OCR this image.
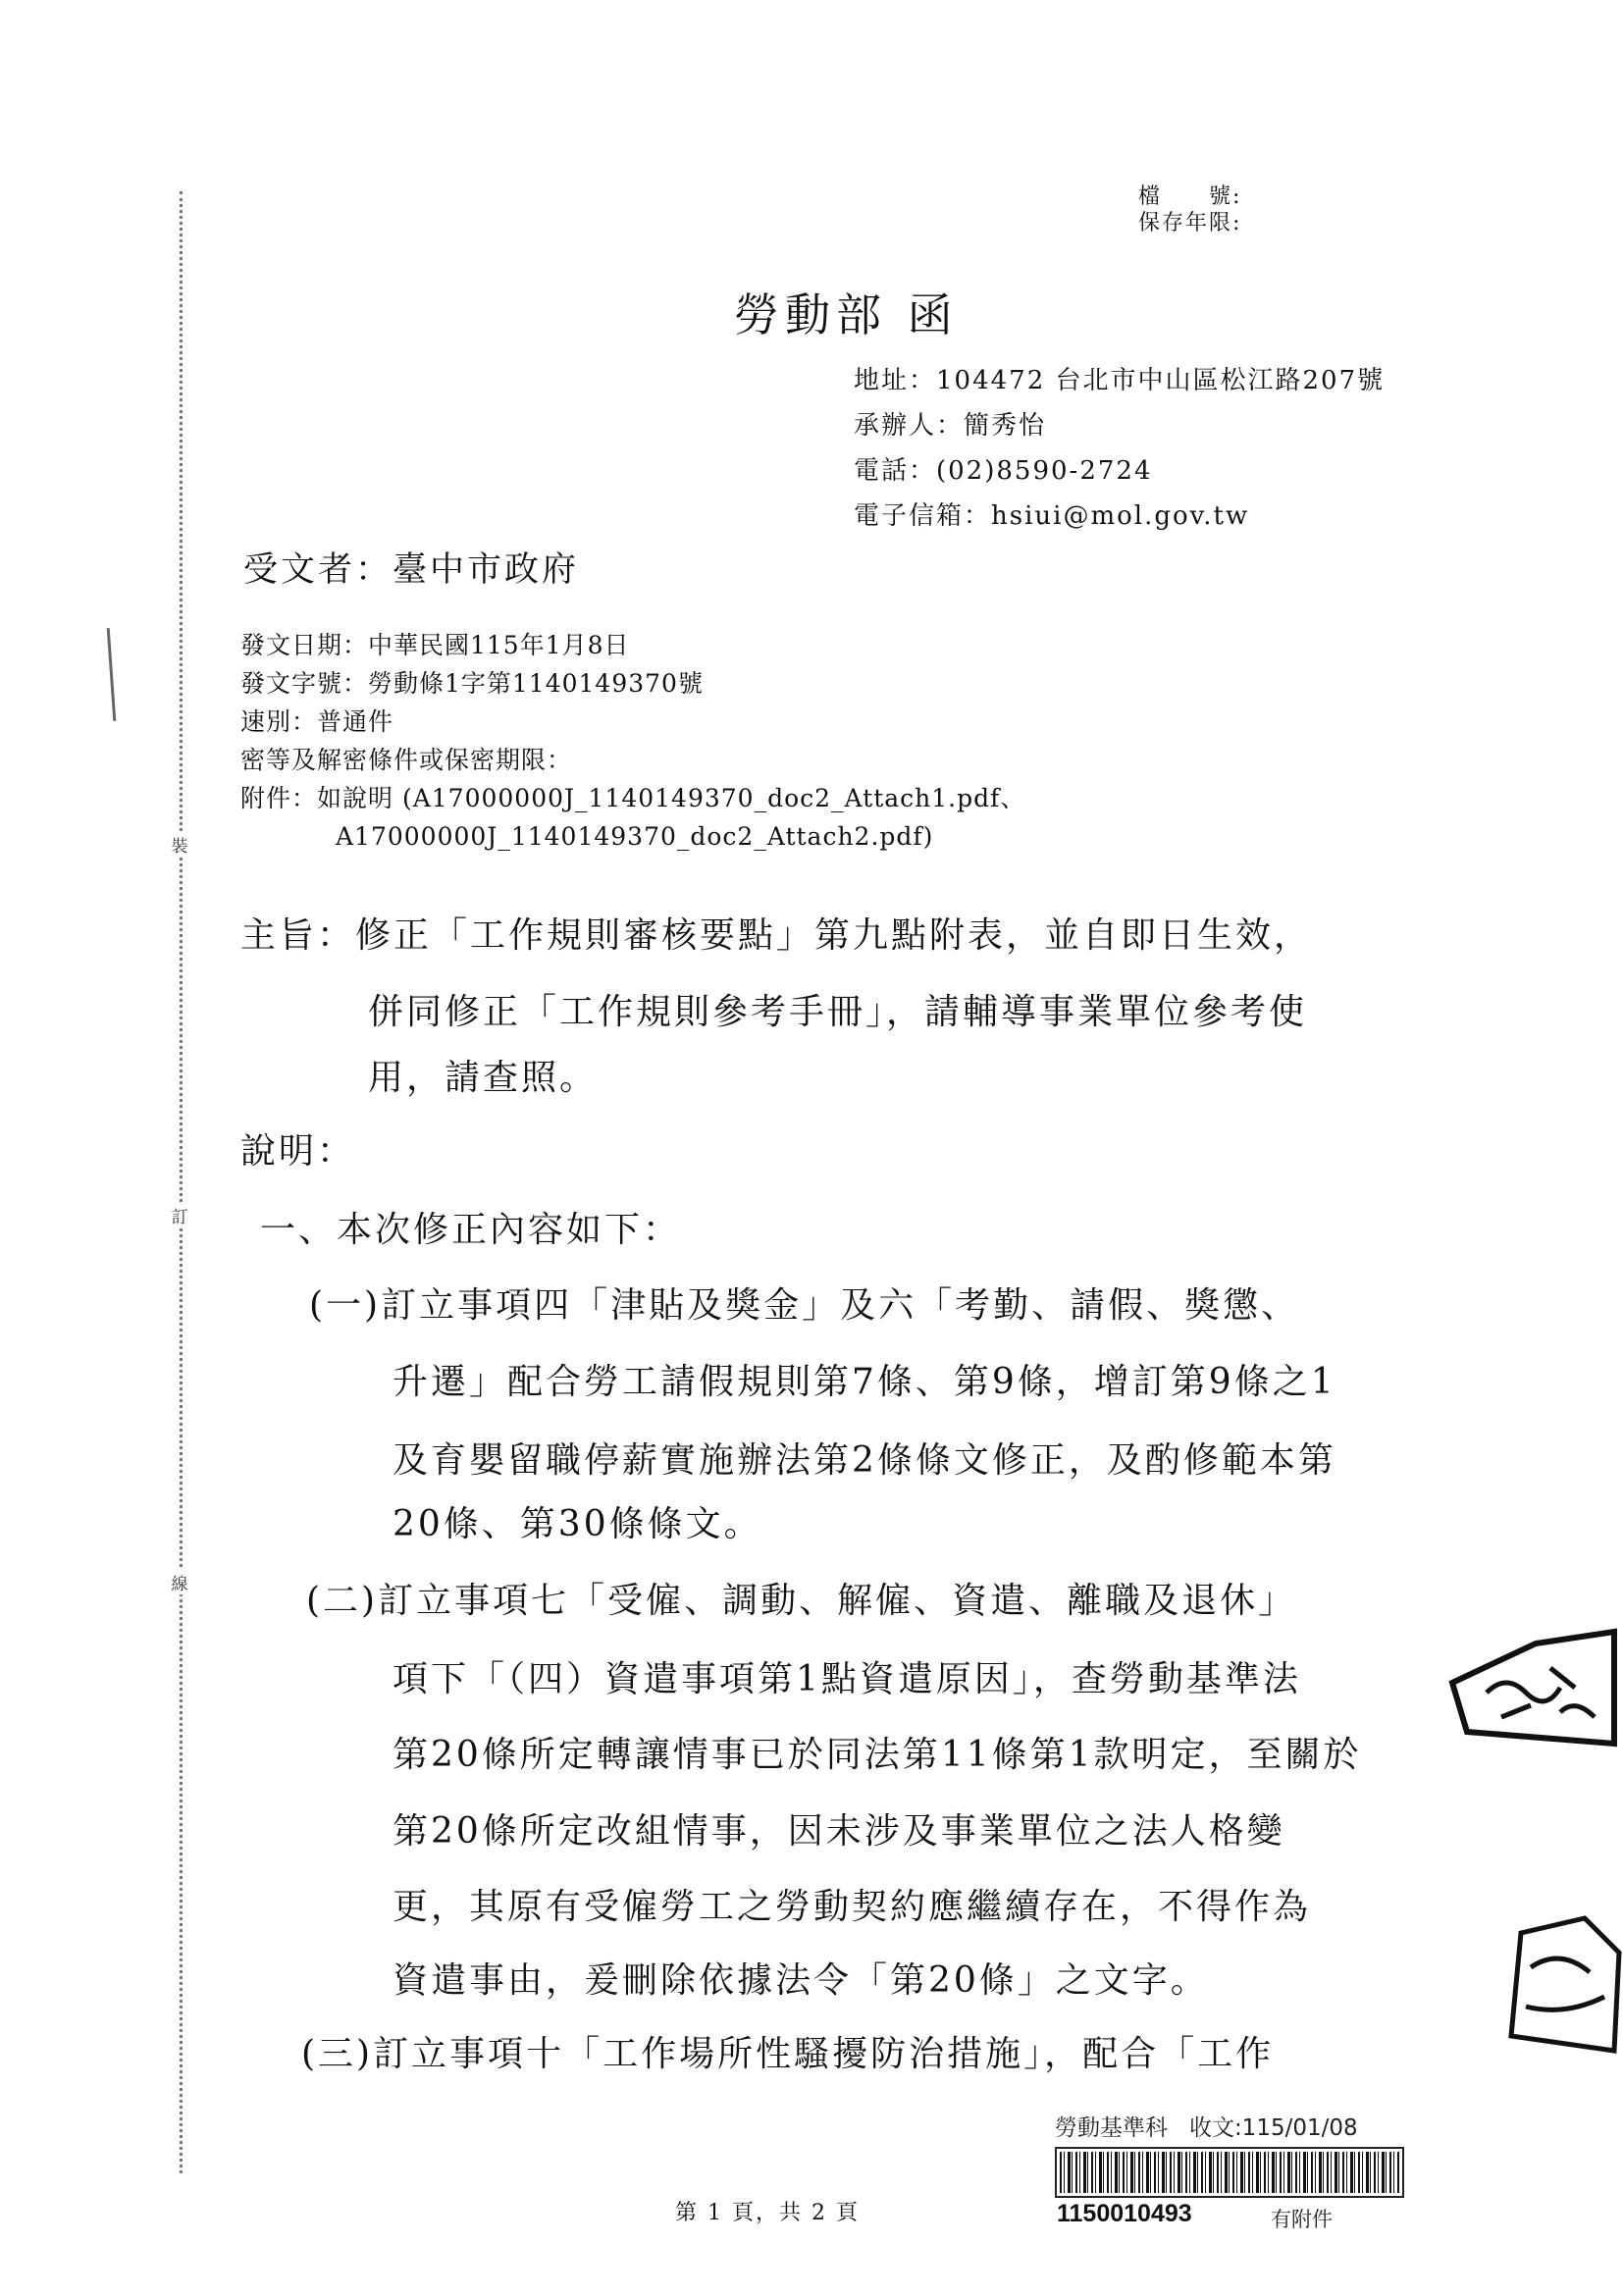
裝
訂
線
檔　　號:
保存年限:
勞動部 函
地址：104472 台北市中山區松江路207號
承辦人：簡秀怡
電話：(02)8590-2724
電子信箱：hsiui@mol.gov.tw
受文者：臺中市政府
發文日期：中華民國115年1月8日
發文字號：勞動條1字第1140149370號
速別：普通件
密等及解密條件或保密期限：
附件：如說明 (A17000000J_1140149370_doc2_Attach1.pdf、
A17000000J_1140149370_doc2_Attach2.pdf)
主旨：修正「工作規則審核要點」第九點附表，並自即日生效，
併同修正「工作規則參考手冊」，請輔導事業單位參考使
用，請查照。
說明：
一、本次修正內容如下：
(一)訂立事項四「津貼及獎金」及六「考勤、請假、獎懲、
升遷」配合勞工請假規則第7條、第9條，增訂第9條之1
及育嬰留職停薪實施辦法第2條條文修正，及酌修範本第
20條、第30條條文。
(二)訂立事項七「受僱、調動、解僱、資遣、離職及退休」
項下「（四）資遣事項第1點資遣原因」，查勞動基準法
第20條所定轉讓情事已於同法第11條第1款明定，至關於
第20條所定改組情事，因未涉及事業單位之法人格變
更，其原有受僱勞工之勞動契約應繼續存在，不得作為
資遣事由，爰刪除依據法令「第20條」之文字。
(三)訂立事項十「工作場所性騷擾防治措施」，配合「工作
第 1 頁，共 2 頁
勞動基準科 收文:115/01/08
1150010493	有附件
